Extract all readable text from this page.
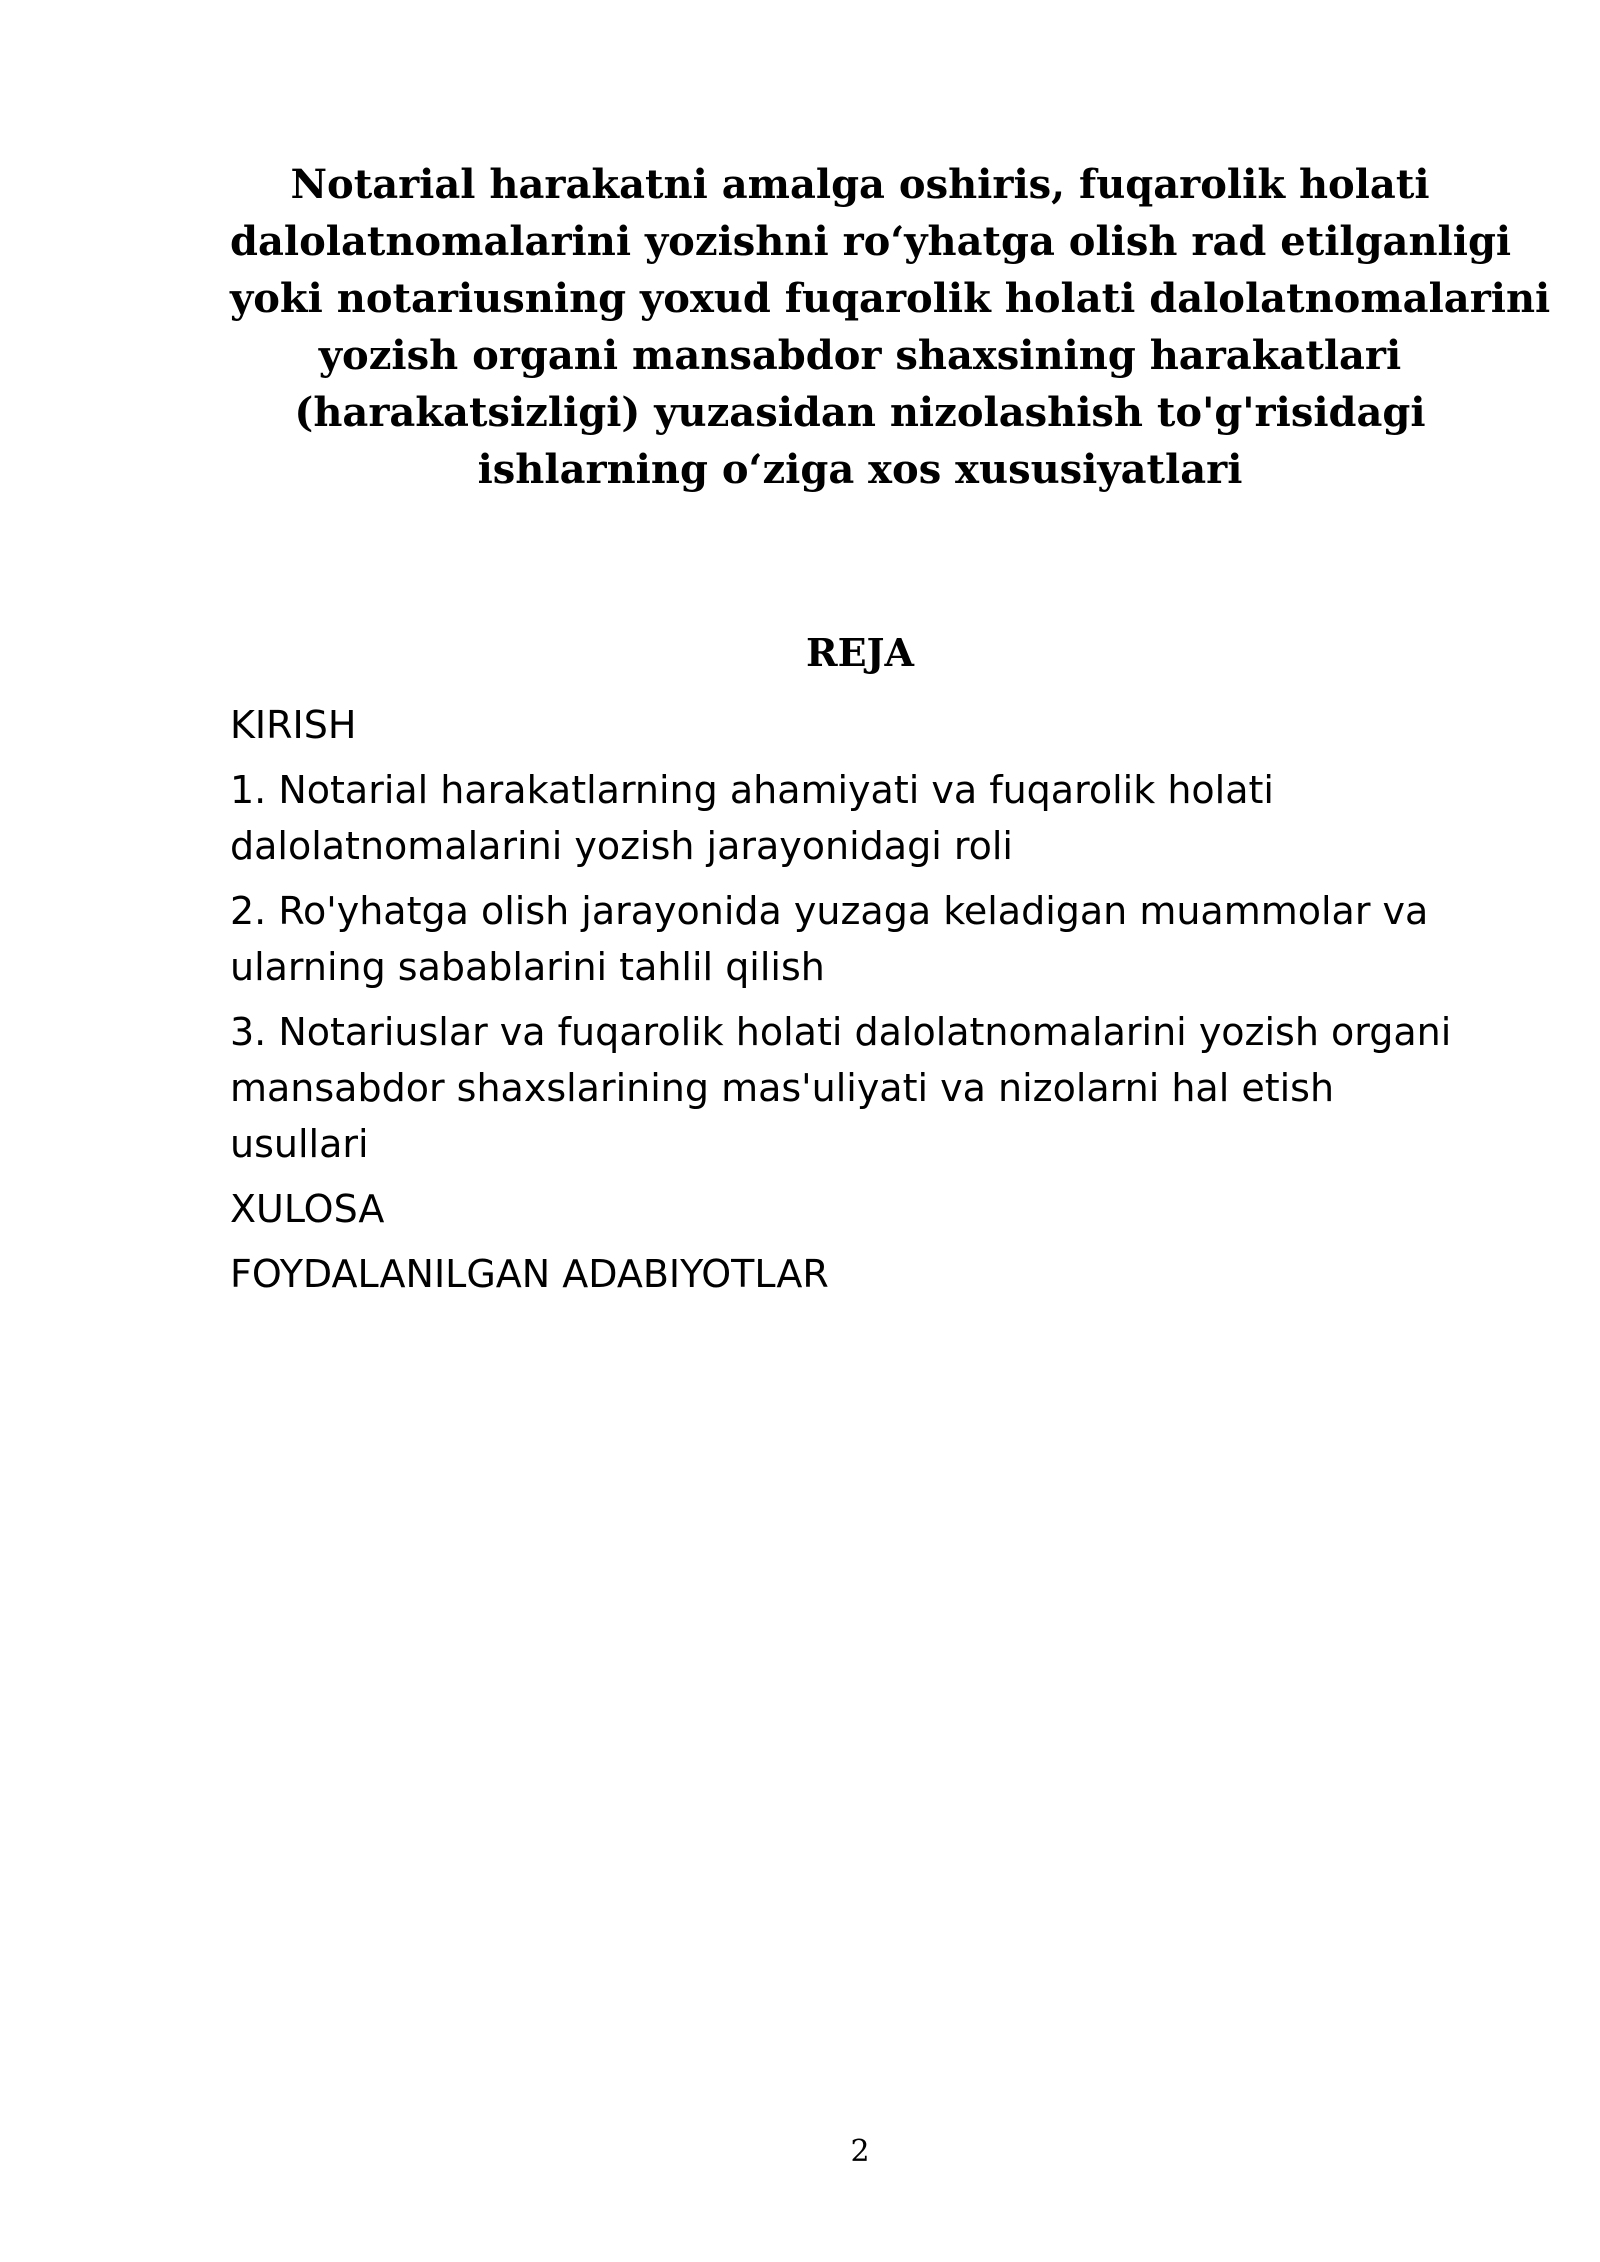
Notarial harakatni amalga oshiris, fuqarolik holati
dalolatnomalarini yozishni ro‘yhatga olish rad etilganligi
yoki notariusning yoxud fuqarolik holati dalolatnomalarini
yozish organi mansabdor shaxsining harakatlari
(harakatsizligi) yuzasidan nizolashish to'g'risidagi
ishlarning o‘ziga xos xususiyatlari
REJA
KIRISH
1. Notarial harakatlarning ahamiyati va fuqarolik holati
dalolatnomalarini yozish jarayonidagi roli
2. Ro'yhatga olish jarayonida yuzaga keladigan muammolar va
ularning sabablarini tahlil qilish
3. Notariuslar va fuqarolik holati dalolatnomalarini yozish organi
mansabdor shaxslarining mas'uliyati va nizolarni hal etish
usullari
XULOSA
FOYDALANILGAN ADABIYOTLAR
2
